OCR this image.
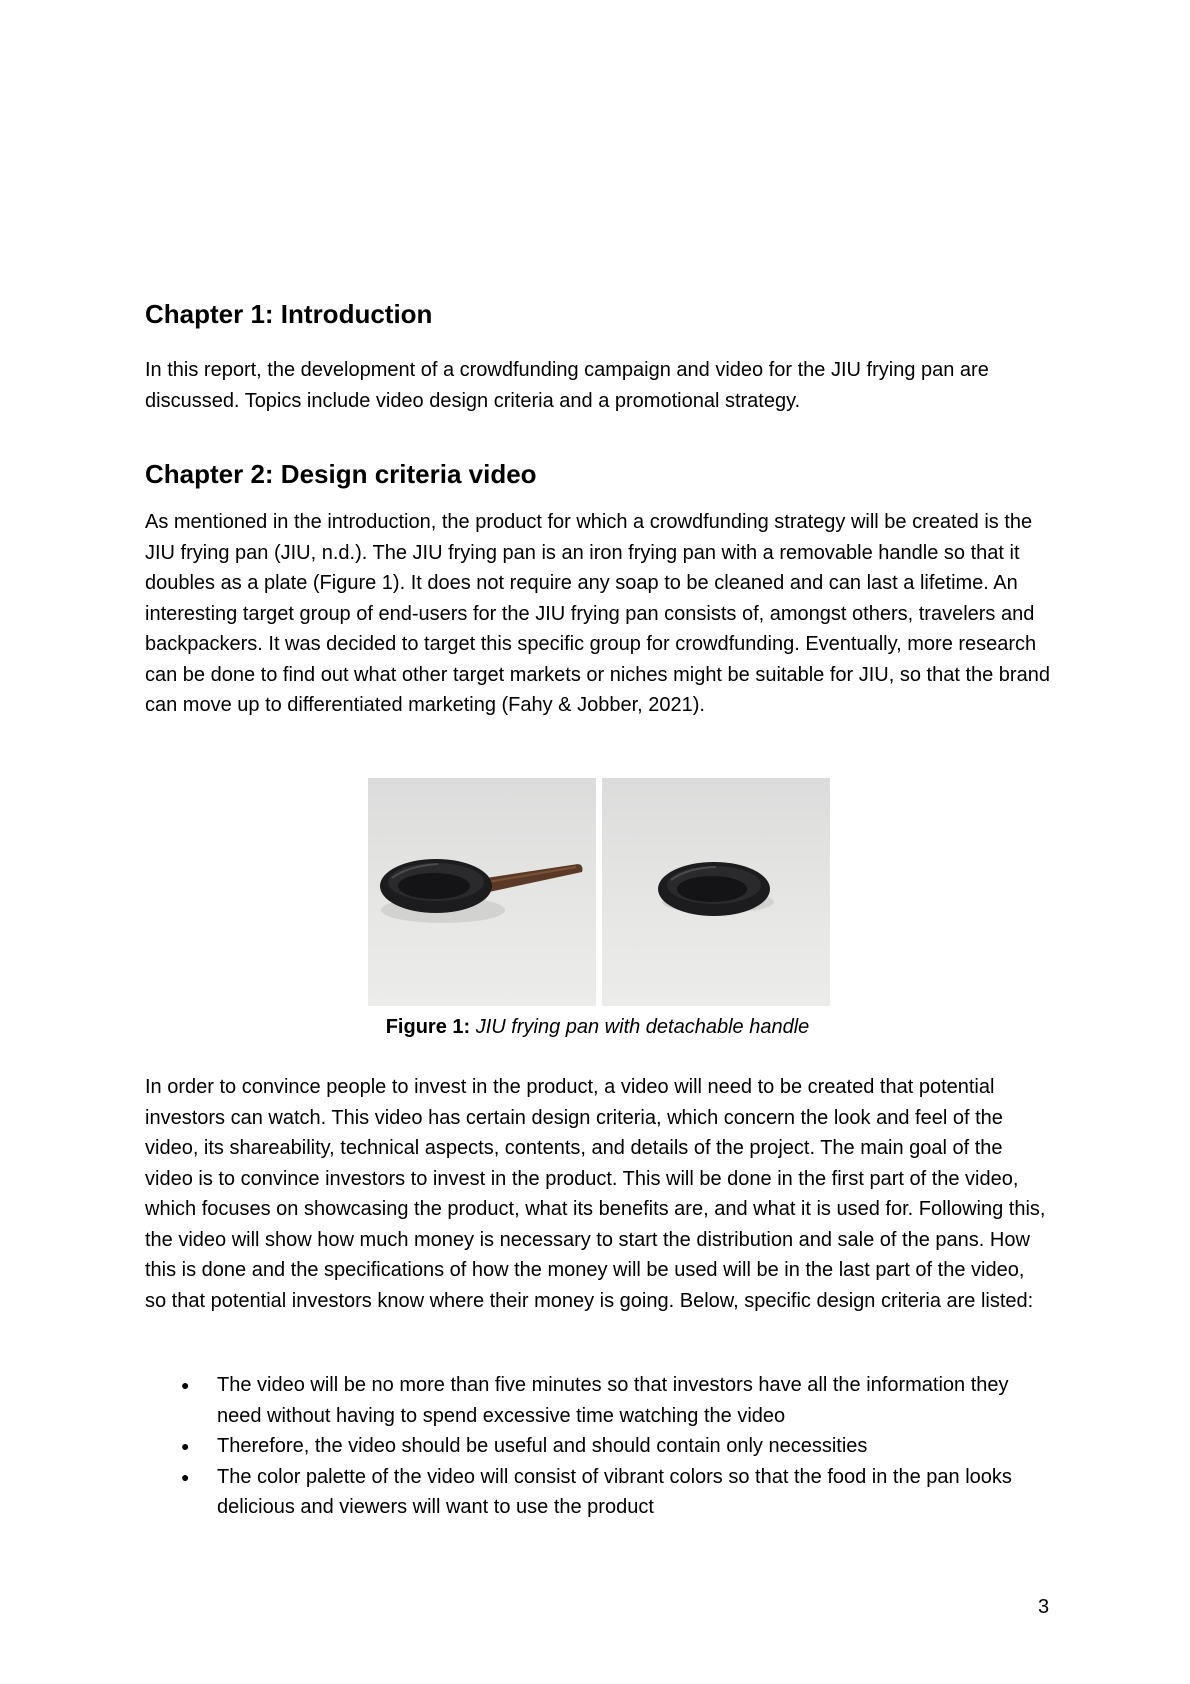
Chapter 1: Introduction

In this report, the development of a crowdfunding campaign and video for the JIU frying pan are discussed. Topics include video design criteria and a promotional strategy.

Chapter 2: Design criteria video

As mentioned in the introduction, the product for which a crowdfunding strategy will be created is the JIU frying pan (JIU, n.d.). The JIU frying pan is an iron frying pan with a removable handle so that it doubles as a plate (Figure 1). It does not require any soap to be cleaned and can last a lifetime. An interesting target group of end-users for the JIU frying pan consists of, amongst others, travelers and backpackers. It was decided to target this specific group for crowdfunding. Eventually, more research can be done to find out what other target markets or niches might be suitable for JIU, so that the brand can move up to differentiated marketing (Fahy & Jobber, 2021).

Figure 1: JIU frying pan with detachable handle

In order to convince people to invest in the product, a video will need to be created that potential investors can watch. This video has certain design criteria, which concern the look and feel of the video, its shareability, technical aspects, contents, and details of the project. The main goal of the video is to convince investors to invest in the product. This will be done in the first part of the video, which focuses on showcasing the product, what its benefits are, and what it is used for. Following this, the video will show how much money is necessary to start the distribution and sale of the pans. How this is done and the specifications of how the money will be used will be in the last part of the video, so that potential investors know where their money is going. Below, specific design criteria are listed:

● The video will be no more than five minutes so that investors have all the information they need without having to spend excessive time watching the video
● Therefore, the video should be useful and should contain only necessities
● The color palette of the video will consist of vibrant colors so that the food in the pan looks delicious and viewers will want to use the product
3
